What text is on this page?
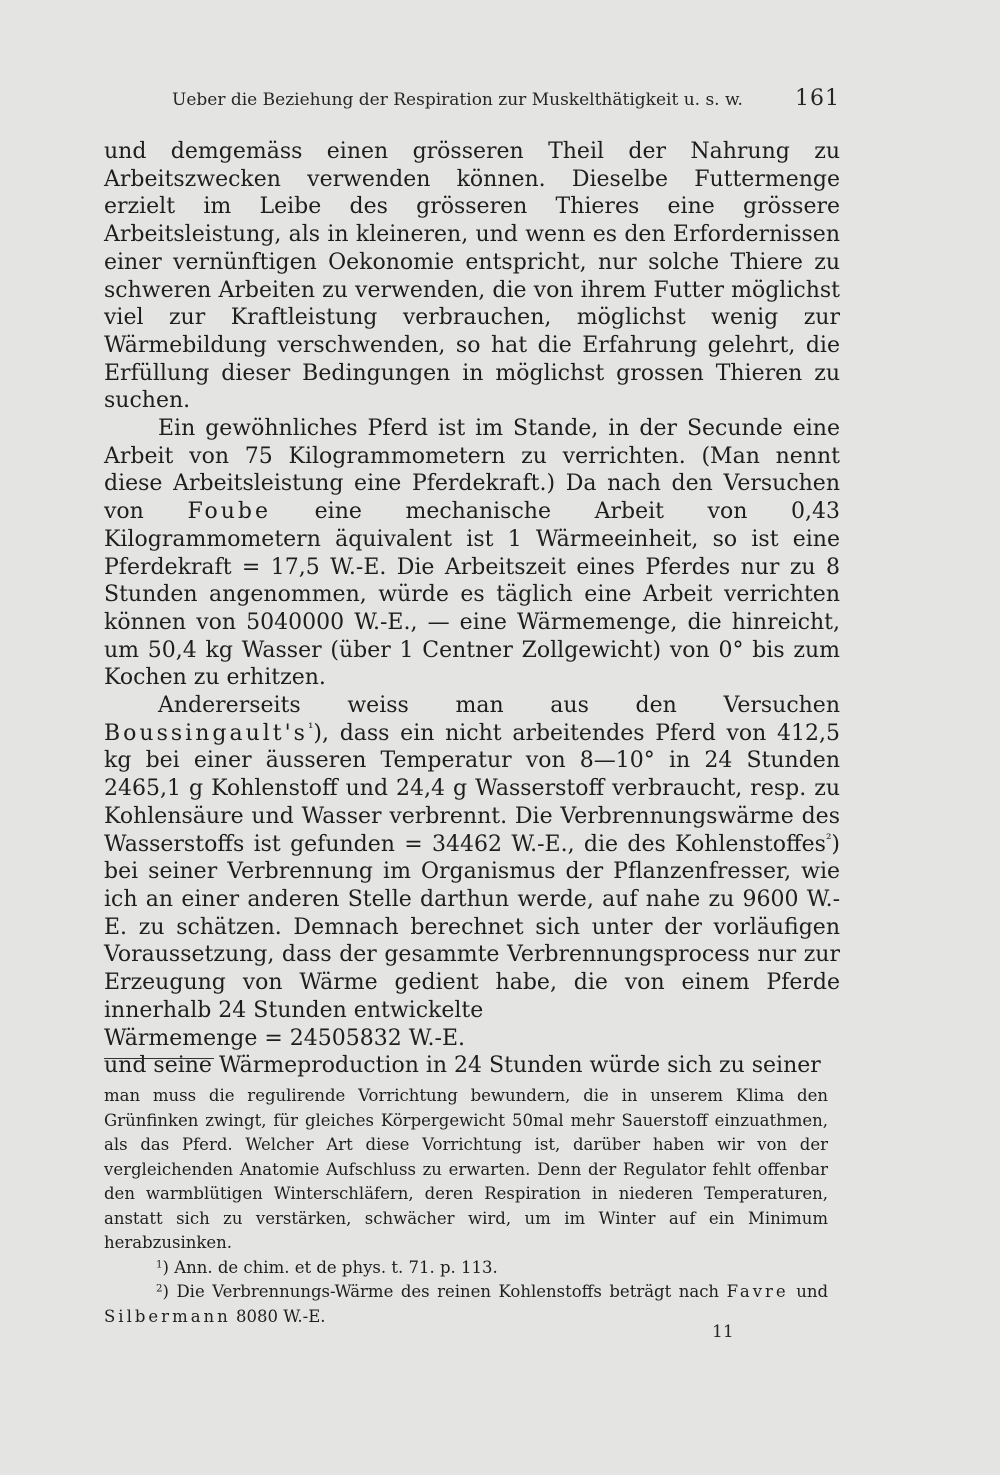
Ueber die Beziehung der Respiration zur Muskelthätigkeit u. s. w. 161

und demgemäss einen grösseren Theil der Nahrung zu Arbeitszwecken verwenden können. Dieselbe Futtermenge erzielt im Leibe des grösseren Thieres eine grössere Arbeitsleistung, als in kleineren, und wenn es den Erfordernissen einer vernünftigen Oekonomie entspricht, nur solche Thiere zu schweren Arbeiten zu verwenden, die von ihrem Futter möglichst viel zur Kraftleistung verbrauchen, möglichst wenig zur Wärmebildung verschwenden, so hat die Erfahrung gelehrt, die Erfüllung dieser Bedingungen in möglichst grossen Thieren zu suchen.

Ein gewöhnliches Pferd ist im Stande, in der Secunde eine Arbeit von 75 Kilogrammometern zu verrichten. (Man nennt diese Arbeitsleistung eine Pferdekraft.) Da nach den Versuchen von Foube eine mechanische Arbeit von 0,43 Kilogrammometern äquivalent ist 1 Wärmeeinheit, so ist eine Pferdekraft = 17,5 W.-E. Die Arbeitszeit eines Pferdes nur zu 8 Stunden angenommen, würde es täglich eine Arbeit verrichten können von 5040000 W.-E., — eine Wärmemenge, die hinreicht, um 50,4 kg Wasser (über 1 Centner Zollgewicht) von 0° bis zum Kochen zu erhitzen.

Andererseits weiss man aus den Versuchen $Boussingault's^{^1}$), dass ein nicht arbeitendes Pferd von 412,5 kg bei einer äusseren Temperatur von 8—10° in 24 Stunden 2465,1 g Kohlenstoff und 24,4 g Wasserstoff verbraucht, resp. zu Kohlensäure und Wasser verbrennt. Die Verbrennungswärme des Wasserstoffs ist gefunden = 34462 W.-E., die des Kohlenstoffes$^{^2}$) bei seiner Verbrennung im Organismus der Pflanzenfresser, wie ich an einer anderen Stelle darthun werde, auf nahe zu 9600 W.-E. zu schätzen. Demnach berechnet sich unter der vorläufigen Voraussetzung, dass der gesammte Verbrennungsprocess nur zur Erzeugung von Wärme gedient habe, die von einem Pferde innerhalb 24 Stunden entwickelte

Wärmemenge = 24505832 W.-E.

und seine Wärmeproduction in 24 Stunden würde sich zu seiner

man muss die regulirende Vorrichtung bewundern, die in unserem Klima den Grünfinken zwingt, für gleiches Körpergewicht 50mal mehr Sauerstoff einzuathmen, als das Pferd. Welcher Art diese Vorrichtung ist, darüber haben wir von der vergleichenden Anatomie Aufschluss zu erwarten. Denn der Regulator fehlt offenbar den warmblütigen Winterschläfern, deren Respiration in niederen Temperaturen, anstatt sich zu verstärken, schwächer wird, um im Winter auf ein Minimum herabzusinken.

$^1$) Ann. de chim. et de phys. t. 71. p. 113.

$^2$) Die Verbrennungs-Wärme des reinen Kohlenstoffs beträgt nach Favre und Silbermann 8080 W.-E.

11
